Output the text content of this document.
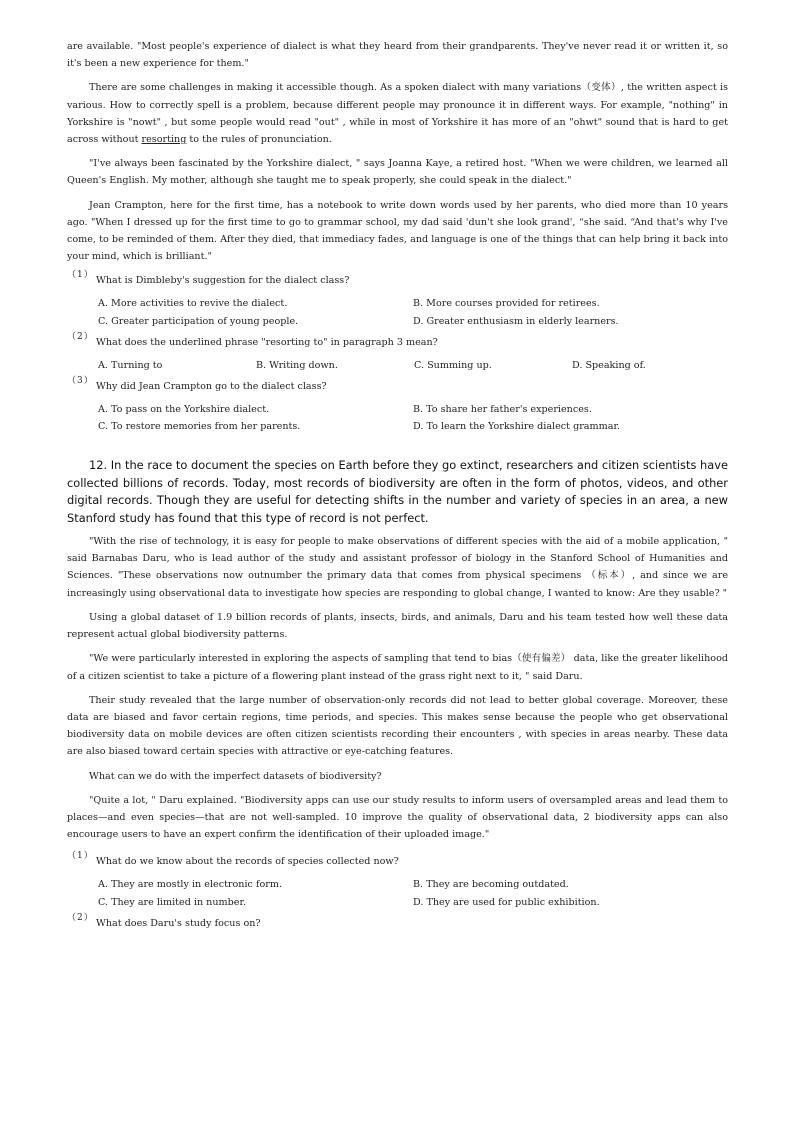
are available. "Most people's experience of dialect is what they heard from their grandparents. They've never read it or written it, so it's been a new experience for them."

There are some challenges in making it accessible though. As a spoken dialect with many variations（变体）, the written aspect is various. How to correctly spell is a problem, because different people may pronounce it in different ways. For example, "nothing" in Yorkshire is "nowt" , but some people would read "out" , while in most of Yorkshire it has more of an "ohwt" sound that is hard to get across without resorting to the rules of pronunciation.

"I've always been fascinated by the Yorkshire dialect, " says Joanna Kaye, a retired host. "When we were children, we learned all Queen's English. My mother, although she taught me to speak properly, she could speak in the dialect."

Jean Crampton, here for the first time, has a notebook to write down words used by her parents, who died more than 10 years ago. "When I dressed up for the first time to go to grammar school, my dad said 'dun't she look grand', “she said. “And that's why I've come, to be reminded of them. After they died, that immediacy fades, and language is one of the things that can help bring it back into your mind, which is brilliant."

（1） What is Dimbleby's suggestion for the dialect class?
A. More activities to revive the dialect.	B. More courses provided for retirees.
C. Greater participation of young people.	D. Greater enthusiasm in elderly learners.
（2） What does the underlined phrase "resorting to" in paragraph 3 mean?
A. Turning to	B. Writing down.	C. Summing up.	D. Speaking of.
（3） Why did Jean Crampton go to the dialect class?
A. To pass on the Yorkshire dialect.	B. To share her father's experiences.
C. To restore memories from her parents.	D. To learn the Yorkshire dialect grammar.

12. In the race to document the species on Earth before they go extinct, researchers and citizen scientists have collected billions of records. Today, most records of biodiversity are often in the form of photos, videos, and other digital records. Though they are useful for detecting shifts in the number and variety of species in an area, a new Stanford study has found that this type of record is not perfect.

"With the rise of technology, it is easy for people to make observations of different species with the aid of a mobile application, " said Barnabas Daru, who is lead author of the study and assistant professor of biology in the Stanford School of Humanities and Sciences. "These observations now outnumber the primary data that comes from physical specimens （标本）, and since we are increasingly using observational data to investigate how species are responding to global change, I wanted to know: Are they usable? "

Using a global dataset of 1.9 billion records of plants, insects, birds, and animals, Daru and his team tested how well these data represent actual global biodiversity patterns.

"We were particularly interested in exploring the aspects of sampling that tend to bias（使有偏差） data, like the greater likelihood of a citizen scientist to take a picture of a flowering plant instead of the grass right next to it, " said Daru.

Their study revealed that the large number of observation-only records did not lead to better global coverage. Moreover, these data are biased and favor certain regions, time periods, and species. This makes sense because the people who get observational biodiversity data on mobile devices are often citizen scientists recording their encounters , with species in areas nearby. These data are also biased toward certain species with attractive or eye-catching features.

What can we do with the imperfect datasets of biodiversity?

"Quite a lot, " Daru explained. "Biodiversity apps can use our study results to inform users of oversampled areas and lead them to places—and even species—that are not well-sampled. 10 improve the quality of observational data, 2 biodiversity apps can also encourage users to have an expert confirm the identification of their uploaded image."

（1） What do we know about the records of species collected now?
A. They are mostly in electronic form.	B. They are becoming outdated.
C. They are limited in number.	D. They are used for public exhibition.
（2） What does Daru's study focus on?
